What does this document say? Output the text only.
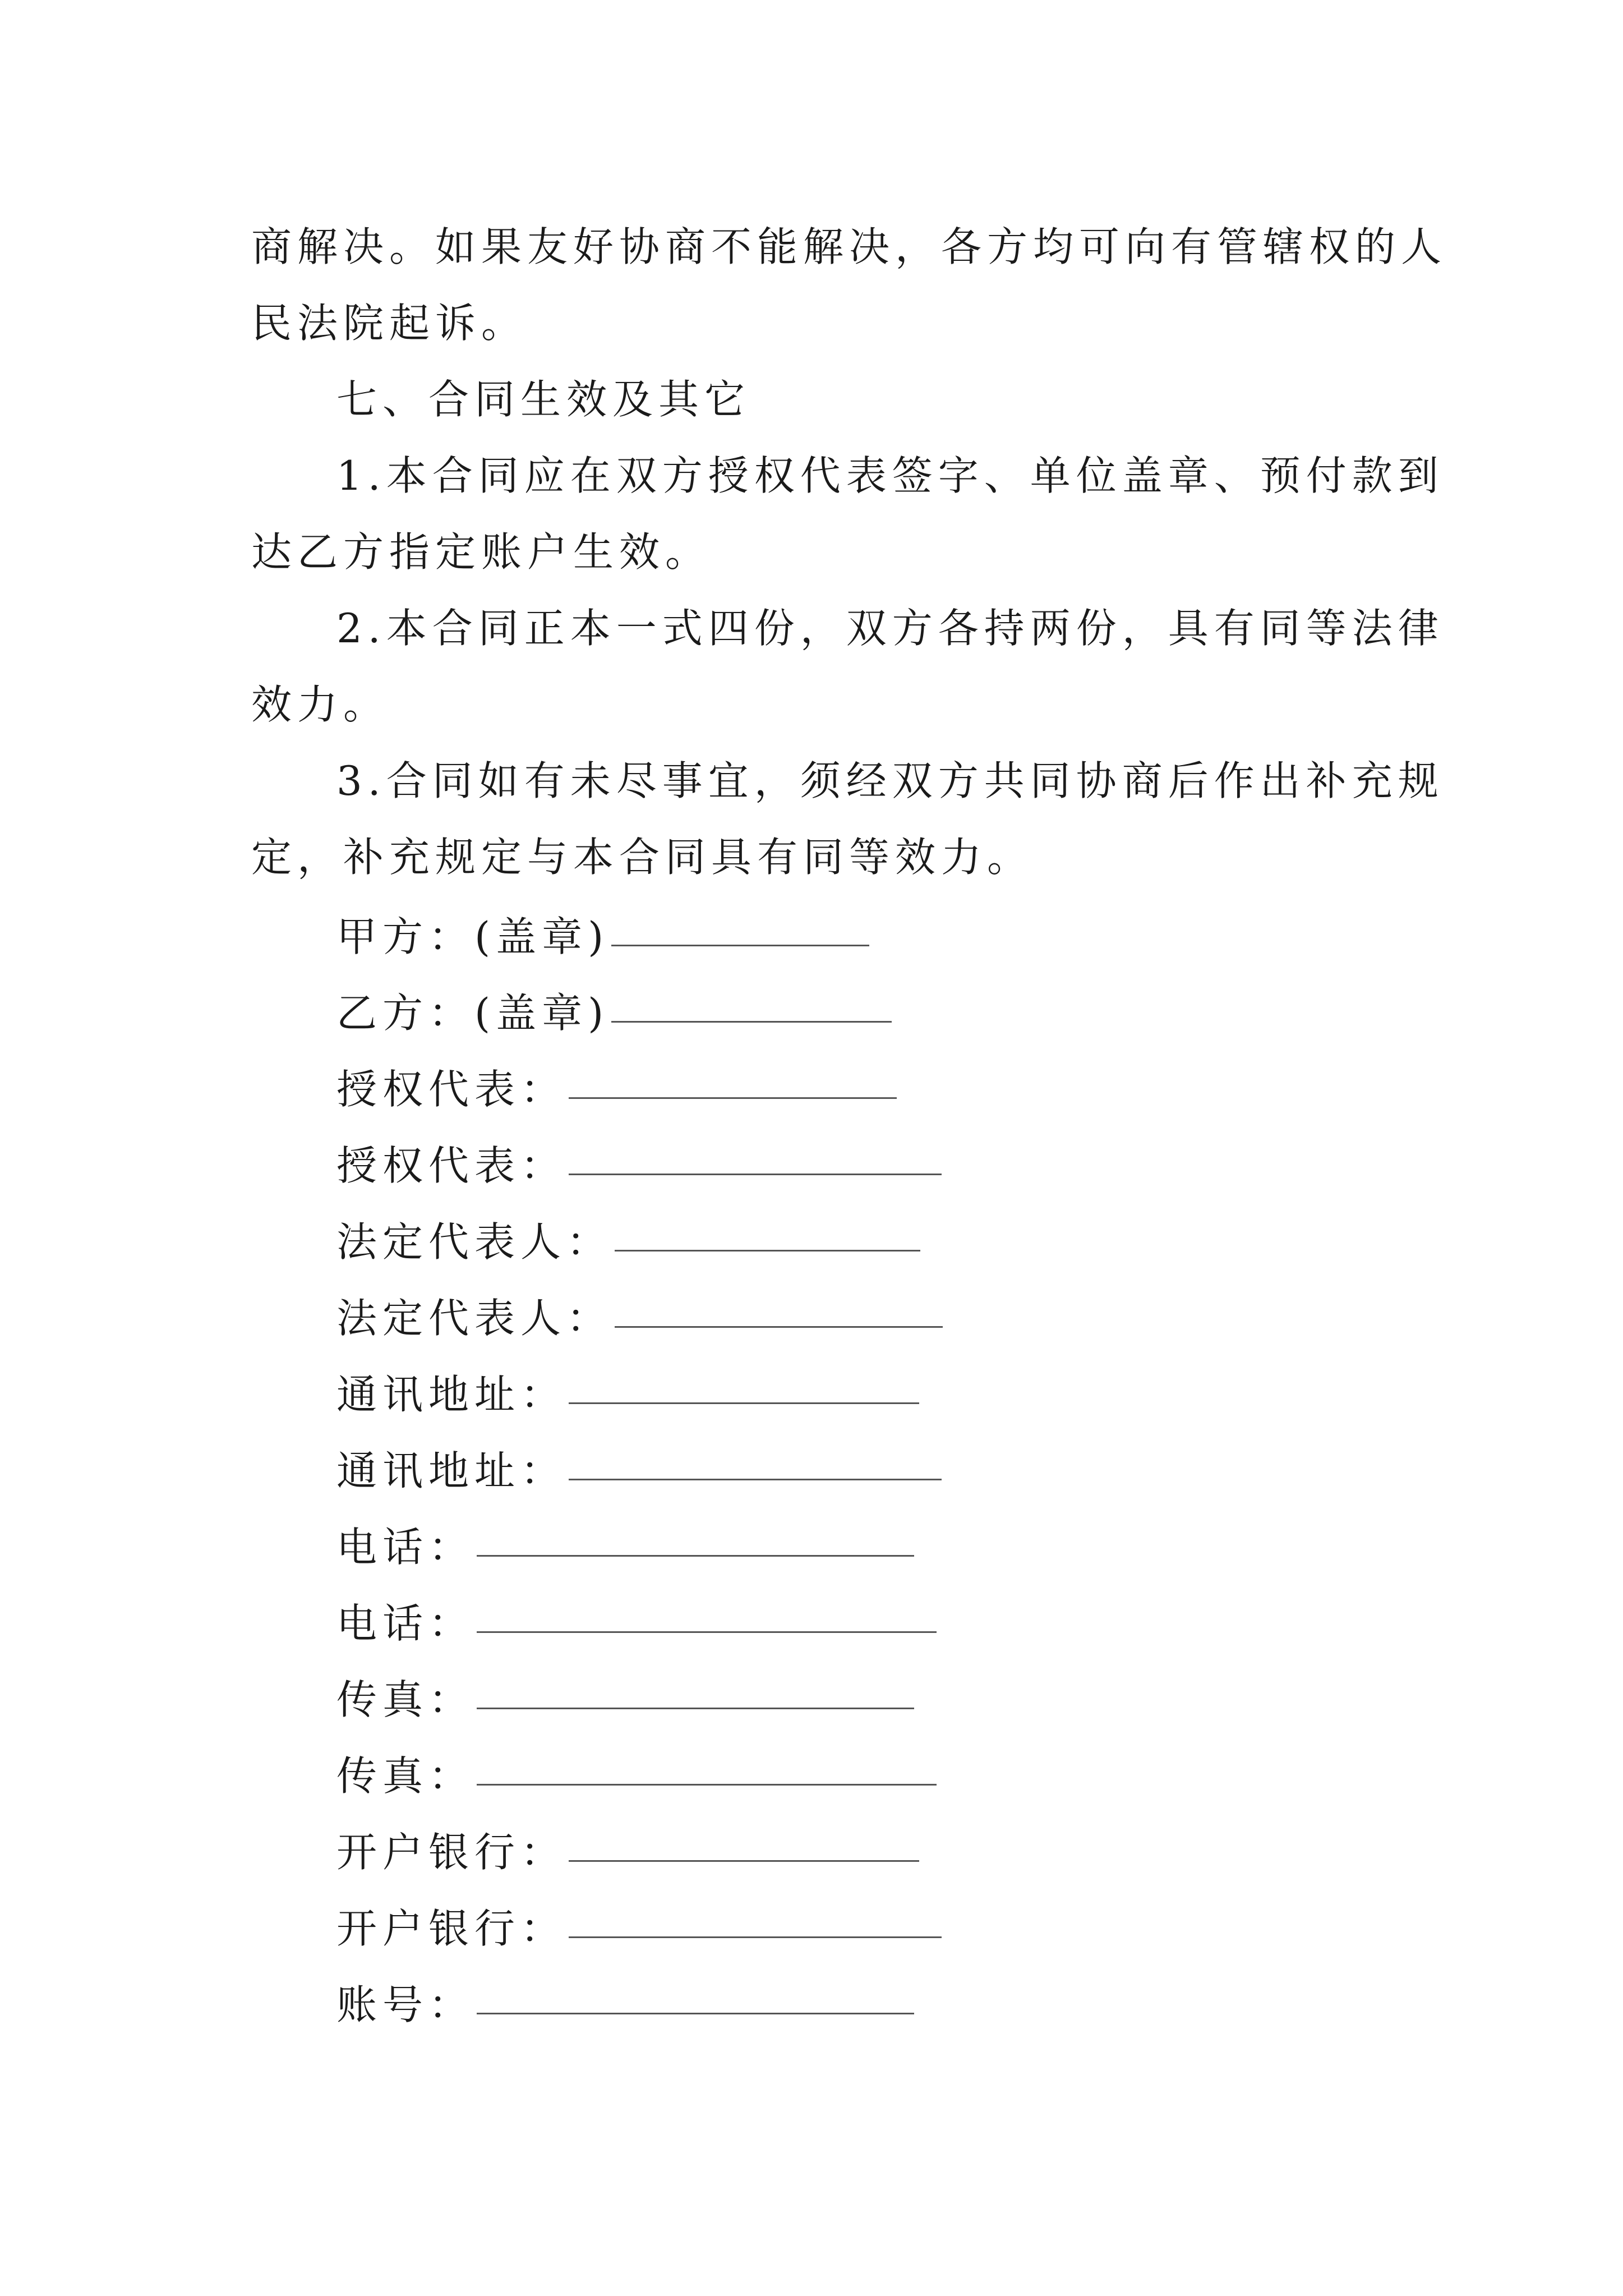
商解决。如果友好协商不能解决，各方均可向有管辖权的人

民法院起诉。

七、合同生效及其它

1.本合同应在双方授权代表签字、单位盖章、预付款到

达乙方指定账户生效。

2.本合同正本一式四份，双方各持两份，具有同等法律

效力。

3.合同如有未尽事宜，须经双方共同协商后作出补充规

定，补充规定与本合同具有同等效力。

甲方：(盖章)
乙方：(盖章)
授权代表：
授权代表：
法定代表人：
法定代表人：
通讯地址：
通讯地址：
电话：
电话：
传真：
传真：
开户银行：
开户银行：
账号：
